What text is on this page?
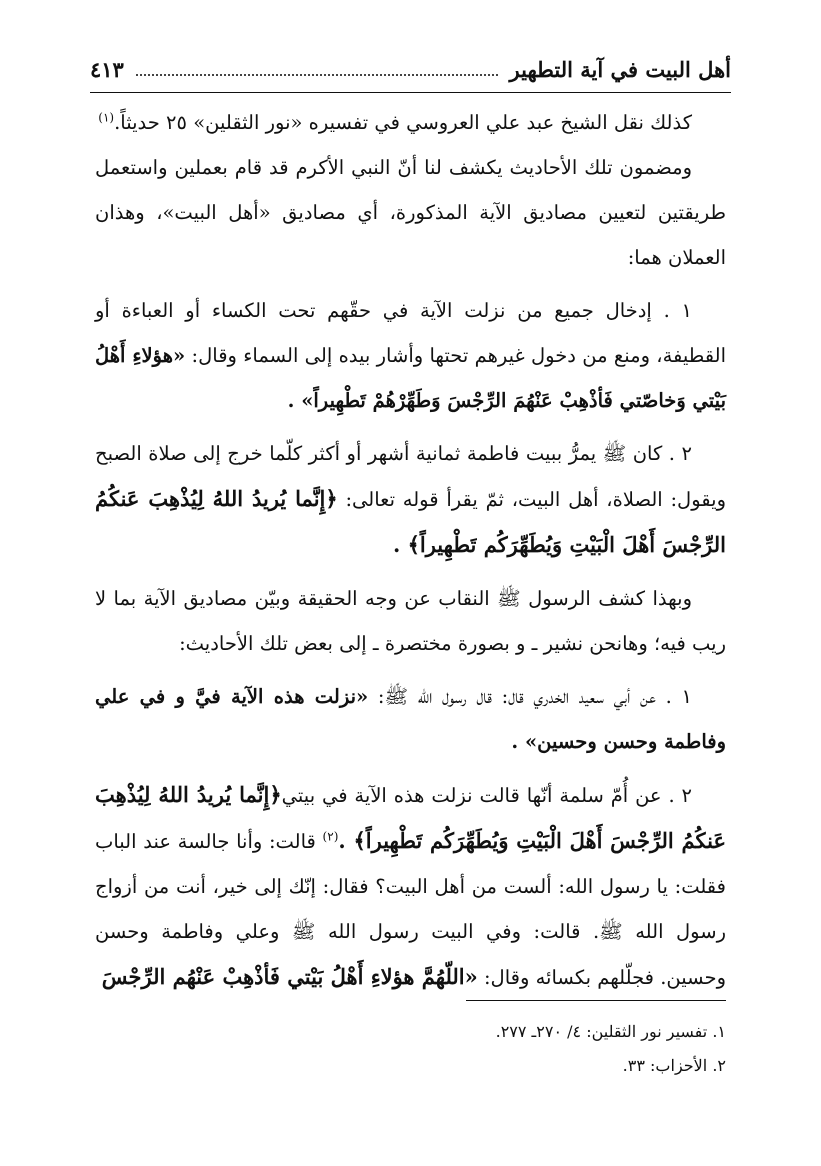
أهل البيت في آية التطهير
٤١٣

كذلك نقل الشيخ عبد علي العروسي في تفسيره «نور الثقلين» ٢٥ حديثاً.$^{(١)}$

ومضمون تلك الأحاديث يكشف لنا أنّ النبي الأكرم قد قام بعملين واستعمل طريقتين لتعيين مصاديق الآية المذكورة، أي مصاديق «أهل البيت»، وهذان العملان هما:

١ . إدخال جميع من نزلت الآية في حقّهم تحت الكساء أو العباءة أو القطيفة، ومنع من دخول غيرهم تحتها وأشار بيده إلى السماء وقال: «هؤلاءِ أَهْلُ بَيْتي وَخاصّتي فَأذْهِبْ عَنْهُمَ الرِّجْسَ وَطَهِّرْهُمْ تَطْهِيراً» .

٢ . كان ﷺ يمرُّ ببيت فاطمة ثمانية أشهر أو أكثر كلّما خرج إلى صلاة الصبح ويقول: الصلاة، أهل البيت، ثمّ يقرأ قوله تعالى: ﴿إِنَّما يُريدُ اللهُ لِيُذْهِبَ عَنكُمُ الرِّجْسَ أَهْلَ الْبَيْتِ وَيُطَهِّرَكُم تَطْهِيراً﴾ .

وبهذا كشف الرسول ﷺ النقاب عن وجه الحقيقة وبيّن مصاديق الآية بما لا ريب فيه؛ وهانحن نشير ـ و بصورة مختصرة ـ إلى بعض تلك الأحاديث:

١ . عن أبي سعيد الخدري قال: قال رسول الله ﷺ: «نزلت هذه الآية فيَّ و في علي وفاطمة وحسن وحسين» .

٢ . عن أُمّ سلمة أنّها قالت نزلت هذه الآية في بيتي﴿إِنَّما يُريدُ اللهُ لِيُذْهِبَ عَنكُمُ الرِّجْسَ أَهْلَ الْبَيْتِ وَيُطَهِّرَكُم تَطْهِيراً﴾ .$^{(٢)}$ قالت: وأنا جالسة عند الباب فقلت: يا رسول الله: ألست من أهل البيت؟ فقال: إنّك إلى خير، أنت من أزواج رسول الله ﷺ. قالت: وفي البيت رسول الله ﷺ وعلي وفاطمة وحسن وحسين. فجلّلهم بكسائه وقال: «اللّهُمَّ هؤلاءِ أَهْلُ بَيْتي فَأذْهِبْ عَنْهُم الرِّجْسَ

١. تفسير نور الثقلين: ٤/ ٢٧٠ـ ٢٧٧.

٢. الأحزاب: ٣٣.
